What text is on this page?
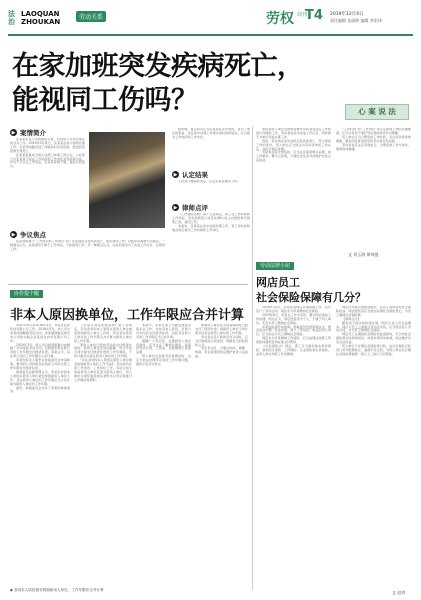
法
治
LAOQUAN
ZHOUKAN
劳动关系	劳权 周刊
T4 2019年12月4日
责任编辑 张丽婷 编辑 李宏伟
在家加班突发疾病死亡，
能视同工伤吗？	心 案 说 法
▶ 案情简介

张某某系某公司的销售主管，负责该公司东北地区的业务工作。2019年3月某日，张某某在家中加班处理工作，在使用电脑发送工作邮件时突发疾病，经送医院抢救无效死亡。

张某某家属向当地人社部门申请工伤认定，人社部门以张某某不是在工作时间和工作岗位突发疾病为由，作出不予认定工伤决定。张某某家属不服，提起行政复议。

▶ 争议焦点

在家加班属于“工作时间和工作岗位”吗？在家加班突发疾病死亡，能否视同工伤？对此存在两种不同观点。一种观点认为，在家加班不属于工作岗位，不能视同工伤；另一种观点认为，在家加班是为了完成工作任务，应视同工伤。

经审理，复议机关认为张某某在家中加班，是为了单位的利益，其在家中处理工作事务的时间和地点，应当视为工作时间和工作岗位。

▶ 认定结果

人社部门撤销原决定，认定张某某视同工伤。

▶ 律师点评

《工伤保险条例》第十五条规定，职工在工作时间和工作岗位，突发疾病死亡或者在48小时之内经抢救无效死亡的，视同工伤。

本案中，张某某在家中加班处理工作，其工作时间和地点均应视为工作时间和工作岗位。

加班是用人单位安排或者要求劳动者在法定工作时间以外继续工作，劳动者在家中完成工作任务，同样属于为单位利益从事工作。

因此，劳动者在家中加班突发疾病死亡，符合视同工伤的条件。用人单位应当依法为劳动者申报工伤认定，并给予相应待遇。

劳动者在家中加班时，应当注意保留相关证据，如工作邮件、聊天记录等，以便在发生意外时维护自身合法权益。

“工作时间”和“工作岗位”是认定视同工伤的关键要素，应当从有利于保护劳动者的角度作出理解。

用人单位应当合理安排工作时间，关注劳动者身体健康，避免因过度加班导致劳动者突发疾病。

劳动者也应注意劳逸结合，合理安排工作与休息，保障身体健康。

文 刘玉海 律师提
协作提个醒
非本人原因换单位，工作年限应合并计算

2007年8月至2016年4月，李某先在某科技有限公司工作。2016年5月，该公司与李某协商解除劳动合同，李某随即被安排至该公司的关联企业某信息技术有限公司工作。

2019年3月，新公司以经营困难为由解除了与李某的劳动合同，仅按照李某在新公司的工作年限支付经济补偿。李某认为，其在原公司的工作年限应合并计算。

李某向劳动人事争议仲裁委员会申请仲裁，要求新公司按照其在两家公司的全部工作年限支付经济补偿。

仲裁委员会经审理认为，李某系非因本人原因从原用人单位被安排到新用人单位工作，其在原用人单位的工作年限应当合并计算为新用人单位的工作年限。

最终，仲裁委员会支持了李某的仲裁请求。

《劳动合同法实施条例》第十条规定，劳动者非因本人原因从原用人单位被安排到新用人单位工作的，劳动者在原用人单位的工作年限合并计算为新用人单位的工作年限。

原用人单位已经向劳动者支付经济补偿的，新用人单位在依法解除、终止劳动合同计算支付经济补偿的工作年限时，不再计算劳动者在原用人单位的工作年限。

“劳动者非因本人原因从原用人单位被安排到新用人单位工作”包括：劳动者仍在原工作场所、工作岗位工作，劳动合同主体由原用人单位变更为新用人单位；用人单位以组织委派或任命形式对劳动者进行工作调动等情形。

本案中，李某从原公司被安排到关联企业工作，并非其本人原因，且原公司未向其支付经济补偿，因此其在原公司的工作年限应当合并计算。

提醒广大劳动者，在遇到用人单位变更时，应当注意了解相关情况，保留好劳动合同、工资条、社保缴费记录等证据。

用人单位在安排劳动者调动时，也应当依法处理劳动者的工作年限问题，避免引发劳动争议。

如果用人单位在劳动者调动时已经支付了经济补偿，则新用人单位不再计算劳动者在原用人单位的工作年限。

劳动者在签订新的劳动合同时，应当仔细阅读合同条款，明确自己的权利和义务。

发生争议时，可通过协商、调解、仲裁、诉讼等途径依法维护自身合法权益。

◆ 非因本人原因被安排到新用人单位，工作年限应合并计算
劳动法律小屋
网店员工
社会保险保障有几分？

2018年12月，李某在某网店从事客服工作，双方签订了劳动合同。网店未为李某缴纳社会保险。

2019年6月，李某在工作中受伤，要求网店承担工伤待遇。网店认为，网店经营者为个人，不属于用人单位，无需为员工缴纳社会保险。

李某遂申请劳动仲裁。仲裁委员会经审理认为，网店依法办理了营业执照，属于《劳动法》规定的用人单位，应当依法为员工缴纳社会保险。

网店未为李某缴纳工伤保险，应当由网店按照工伤保险待遇项目和标准支付费用。

《社会保险法》规定，职工应当参加基本养老保险、基本医疗保险、工伤保险、失业保险和生育保险，由用人单位和职工共同缴纳。

网店作为新兴的经营模式，其员工同样享有社会保险权益。网店经营者应当依法办理社会保险登记，为员工缴纳社会保险费。

【律师点评】

随着电子商务的快速发展，网店从业人员日益增多。网店与员工之间建立劳动关系的，应当依法签订劳动合同，并为员工缴纳社会保险。

网店员工在遇到社会保险权益受损时，可以向社会保险费征收机构投诉，或者申请劳动仲裁，依法维护自身合法权益。

用人单位不办理社会保险登记的，由社会保险行政部门责令限期改正；逾期不改正的，对用人单位处应缴社会保险费数额一倍以上三倍以下的罚款。

文 赵鸿
